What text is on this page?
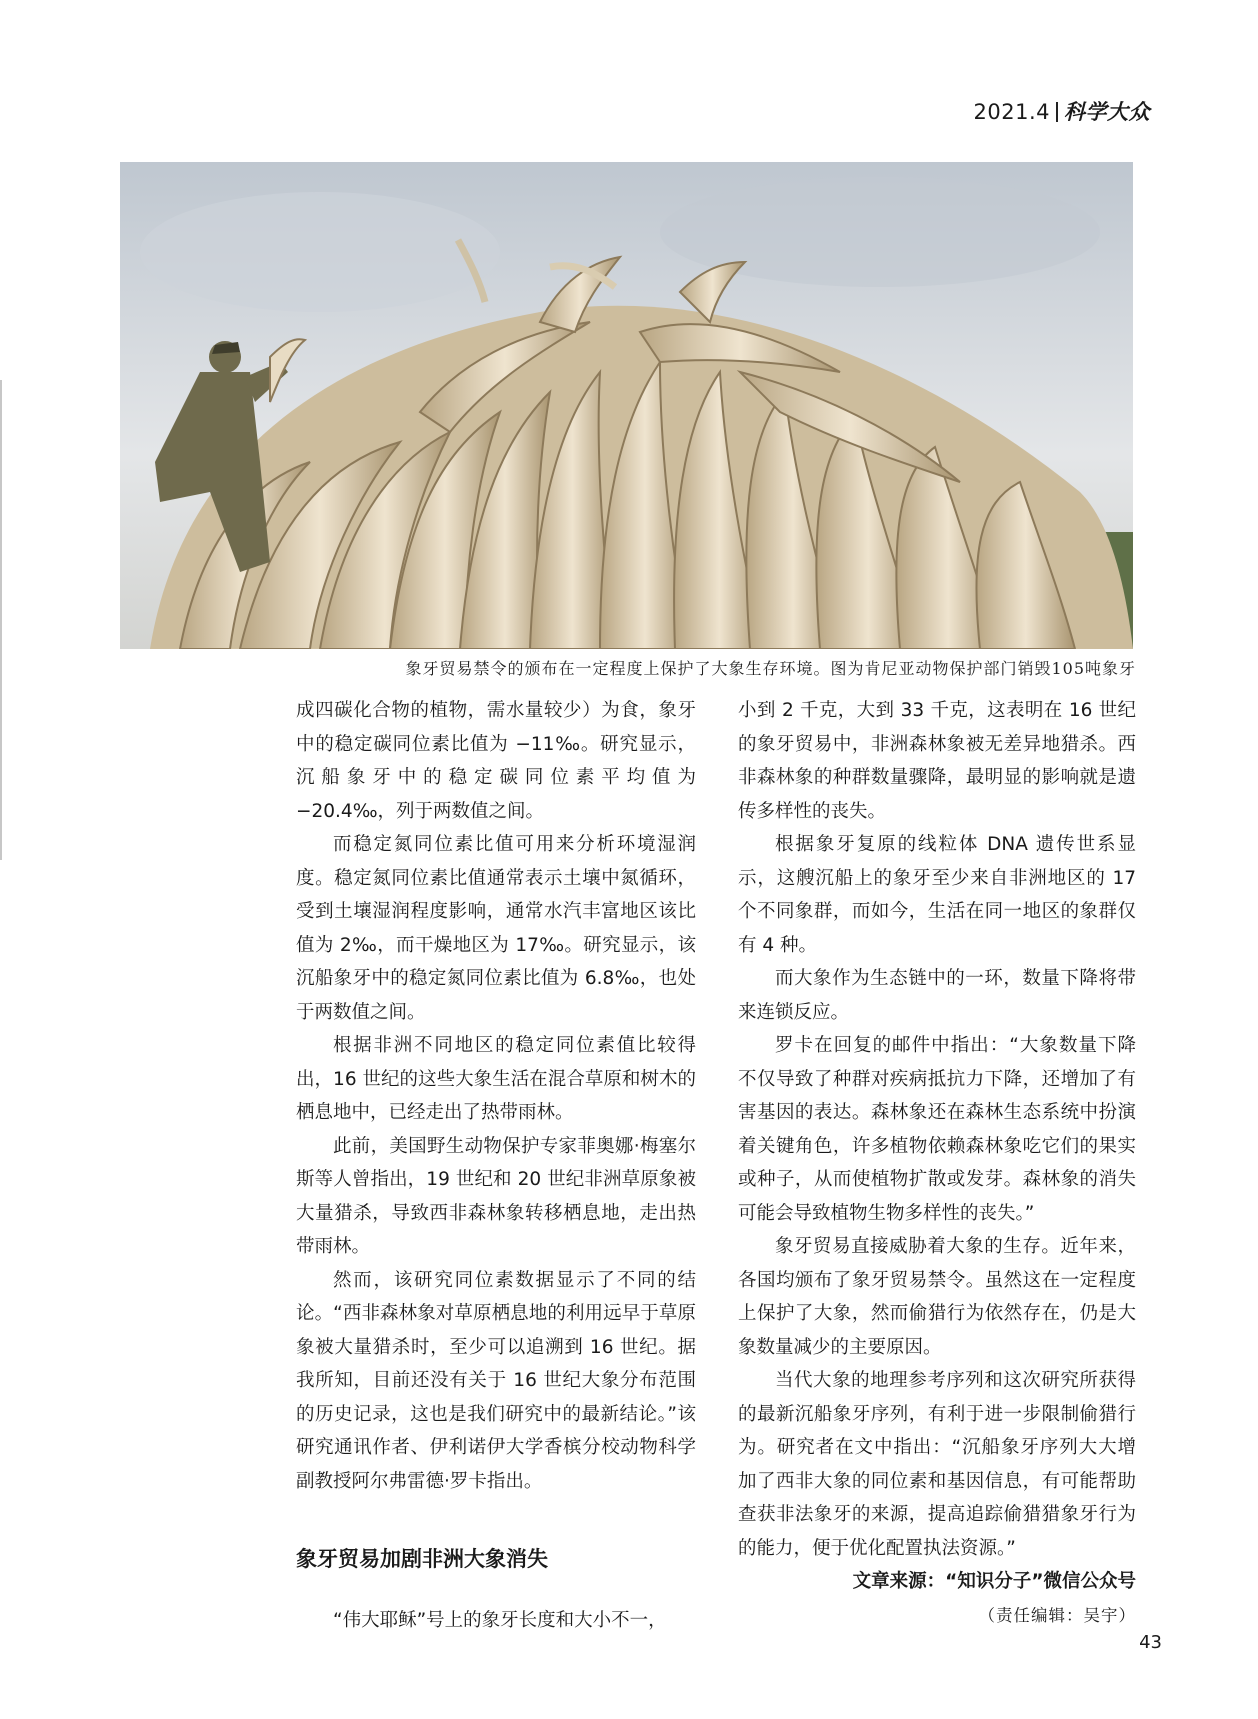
2021.4 科学大众
象牙贸易禁令的颁布在一定程度上保护了大象生存环境。图为肯尼亚动物保护部门销毁105吨象牙

成四碳化合物的植物，需水量较少）为食，象牙中的稳定碳同位素比值为 −11‰。研究显示，沉船象牙中的稳定碳同位素平均值为 −20.4‰，列于两数值之间。

而稳定氮同位素比值可用来分析环境湿润度。稳定氮同位素比值通常表示土壤中氮循环，受到土壤湿润程度影响，通常水汽丰富地区该比值为 2‰，而干燥地区为 17‰。研究显示，该沉船象牙中的稳定氮同位素比值为 6.8‰，也处于两数值之间。

根据非洲不同地区的稳定同位素值比较得出，16 世纪的这些大象生活在混合草原和树木的栖息地中，已经走出了热带雨林。

此前，美国野生动物保护专家菲奥娜·梅塞尔斯等人曾指出，19 世纪和 20 世纪非洲草原象被大量猎杀，导致西非森林象转移栖息地，走出热带雨林。

然而，该研究同位素数据显示了不同的结论。“西非森林象对草原栖息地的利用远早于草原象被大量猎杀时，至少可以追溯到 16 世纪。据我所知，目前还没有关于 16 世纪大象分布范围的历史记录，这也是我们研究中的最新结论。”该研究通讯作者、伊利诺伊大学香槟分校动物科学副教授阿尔弗雷德·罗卡指出。

象牙贸易加剧非洲大象消失

“伟大耶稣”号上的象牙长度和大小不一，

小到 2 千克，大到 33 千克，这表明在 16 世纪的象牙贸易中，非洲森林象被无差异地猎杀。西非森林象的种群数量骤降，最明显的影响就是遗传多样性的丧失。

根据象牙复原的线粒体 DNA 遗传世系显示，这艘沉船上的象牙至少来自非洲地区的 17 个不同象群，而如今，生活在同一地区的象群仅有 4 种。

而大象作为生态链中的一环，数量下降将带来连锁反应。

罗卡在回复的邮件中指出：“大象数量下降不仅导致了种群对疾病抵抗力下降，还增加了有害基因的表达。森林象还在森林生态系统中扮演着关键角色，许多植物依赖森林象吃它们的果实或种子，从而使植物扩散或发芽。森林象的消失可能会导致植物生物多样性的丧失。”

象牙贸易直接威胁着大象的生存。近年来，各国均颁布了象牙贸易禁令。虽然这在一定程度上保护了大象，然而偷猎行为依然存在，仍是大象数量减少的主要原因。

当代大象的地理参考序列和这次研究所获得的最新沉船象牙序列，有利于进一步限制偷猎行为。研究者在文中指出：“沉船象牙序列大大增加了西非大象的同位素和基因信息，有可能帮助查获非法象牙的来源，提高追踪偷猎猎象牙行为的能力，便于优化配置执法资源。”

文章来源：“知识分子”微信公众号
（责任编辑：吴宇）
43
